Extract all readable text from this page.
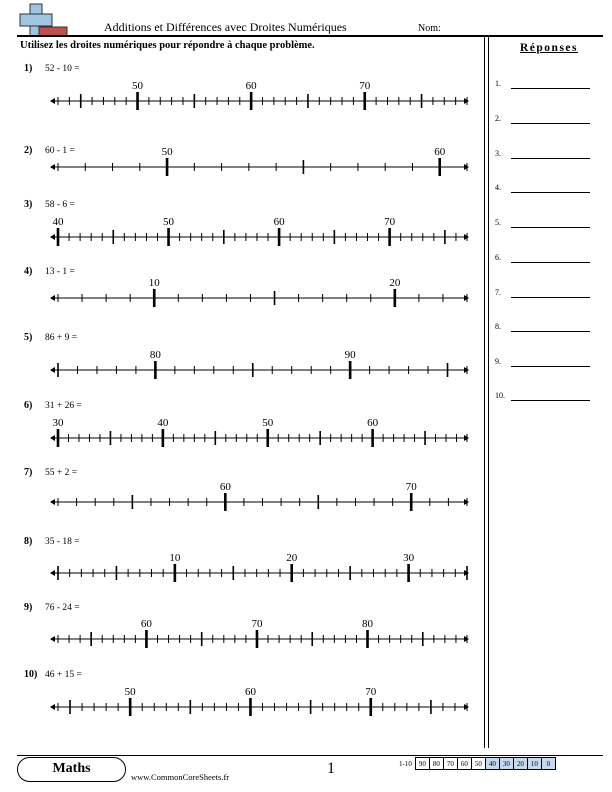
Additions et Différences avec Droites Numériques	Nom:
Utilisez les droites numériques pour répondre à chaque problème.	Réponses
1.
2.
3.
4.
5.
6.
7.
8.
9.
10.
1) 52 - 10 =
50	60	70
2) 60 - 1 =	50	60
3) 58 - 6 =
40	50	60	70
4) 13 - 1 =
10	20
5) 86 + 9 =
80	90
6) 31 + 26 =
30	40	50	60
7) 55 + 2 =
60	70
8) 35 - 18 =
10	20	30
9) 76 - 24 =
60	70	80
10) 46 + 15 =
50	60	70
Maths
www.CommonCoreSheets.fr	1	1-10	90	80	70	60	50	40	30	20	10	0
